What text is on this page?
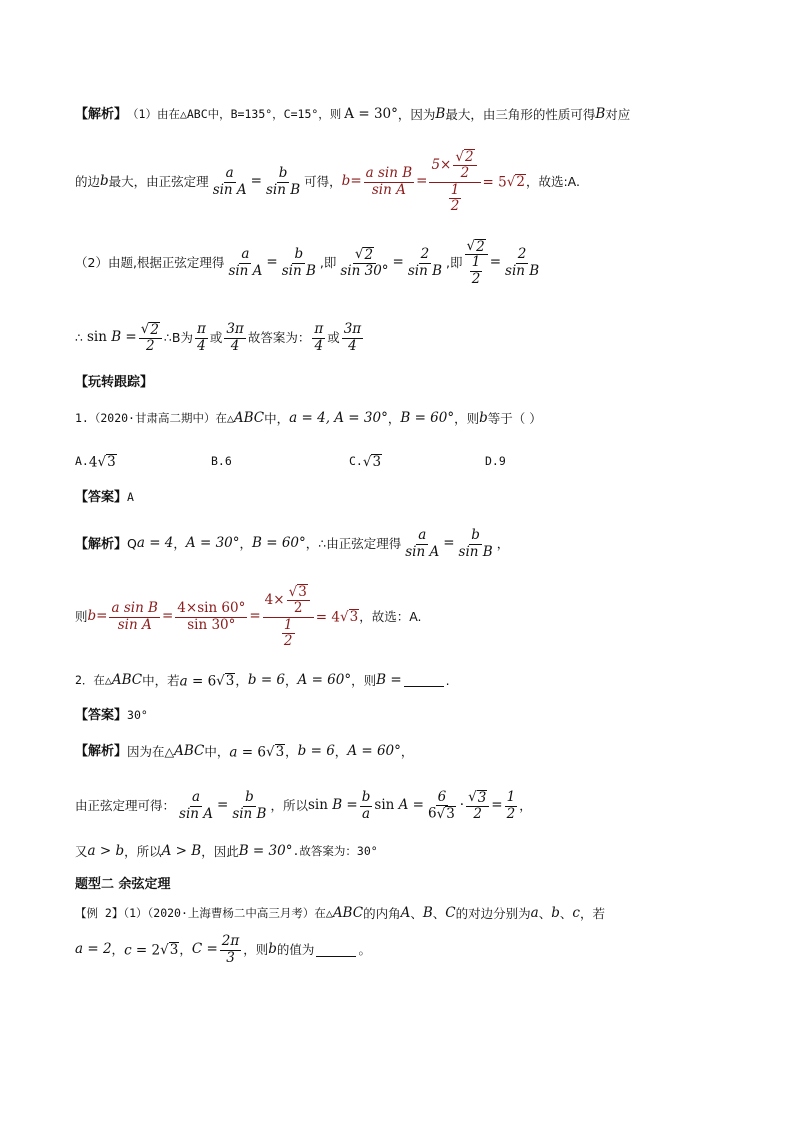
【解析】 （1）由在△ABC中，B=135°，C=15°，则 A = 30° ，因为 B 最大，由三角形的性质可得 B 对应
的边 b 最大，由正弦定理 $\frac{a}{\text{sin A}} = \frac{b}{\text{sin B}}$ 可得， $b = \frac{\text{a sin B}}{\text{sin A}} = 5\times \frac{√ 2}{2}$
1
2 = 5 √ 2 ，故选:A.
（2）由题,根据正弦定理得 $\frac{a}{\text{sin A}} = \frac{b}{\text{sin B}}$ ,即 $\frac{√ 2}{\sin 30^\circ} = \frac{2}{\text{sin B}}$ ,即 √ 2
1
$2 = \frac{2}{\text{sin B}}$
∴ $\sin B = \frac{√ 2}{2}$ ∴ B为 $\frac{\pi}{4}$ 或 $\frac{3\pi}{4}$ 故答案为： $\frac{\pi}{4}$ 或 $\frac{3\pi}{4}$
【玩转跟踪】
1.（2020·甘肃高二期中）在△ ABC 中， a = 4, A = 30° ， B = 60° ，则 b 等于（ ）
A. 4 √ 3	B.6	C. √ 3	D.9
【答案】 A
【解析】 Q a = 4 ， A = 30° ， B = 60° ，∴由正弦定理得 $\frac{a}{\text{sin A}} = \frac{b}{\text{sin B}}$ ，
则 $b = \frac{\text{a sin B}}{\text{sin A}} = \frac{4\times\sin 60^\circ}{\sin 30^\circ} = 4\times \frac{√ 3}{2}$
1
2 = 4 √ 3 ，故选：A.
2．在△ ABC 中，若 a = 6 √ 3 ， b = 6 ， A = 60° ，则 B =	.
【答案】 30°
【解析】 因为在△ ABC 中， a = 6 √ 3 ， b = 6 ， A = 60° ，
由正弦定理可得： $\frac{a}{\text{sin A}} = \frac{b}{\text{sin B}}$ ，所以 $\sin B = \frac{b}{a}$ $\sin A = \frac{6}{6 √ 3} \cdot \frac{√ 3}{2} = \frac{1}{2}$ ，
又 a > b ，所以 A > B ，因此 B = 30° .故答案为：30°
题型二 余弦定理
【例 2】（1）（2020·上海曹杨二中高三月考）在△ ABC 的内角 A 、 B 、 C 的对边分别为 a 、 b 、 c ，若
a = 2 ， c = 2 √ 3 ， $C = \frac{2\pi}{3}$ ，则 b 的值为	。
